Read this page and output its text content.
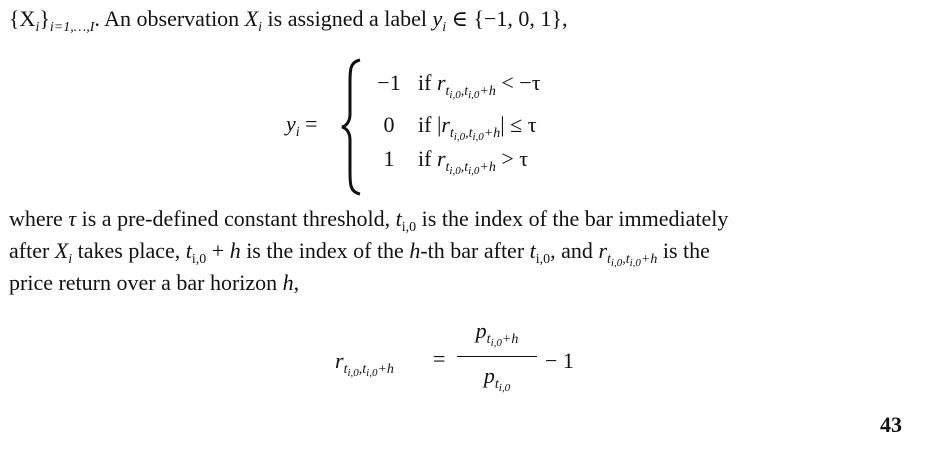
$\{X_i\}_{i=1,\dots,I}$. An observation $X_i$ is assigned a label $y_i$ ∈ {−1, 0, 1},
$y_i$ =
−1 if $r_{t_{i,0},t_{i,0}+h} < -\tau$
0 if $|r_{t_{i,0},t_{i,0}+h}| \le \tau$
1 if $r_{t_{i,0},t_{i,0}+h} > \tau$
where τ is a pre-defined constant threshold, $t_{i,0}$ is the index of the bar immediately
after $X_i$ takes place, $t_{i,0} + h$ is the index of the h-th bar after $t_{i,0}$, and $r_{t_{i,0},t_{i,0}+h}$ is the
price return over a bar horizon h,
$r_{t_{i,0},t_{i,0}+h}$ =
$p_{t_{i,0}+h}$
$p_{t_{i,0}}$
− 1
43
